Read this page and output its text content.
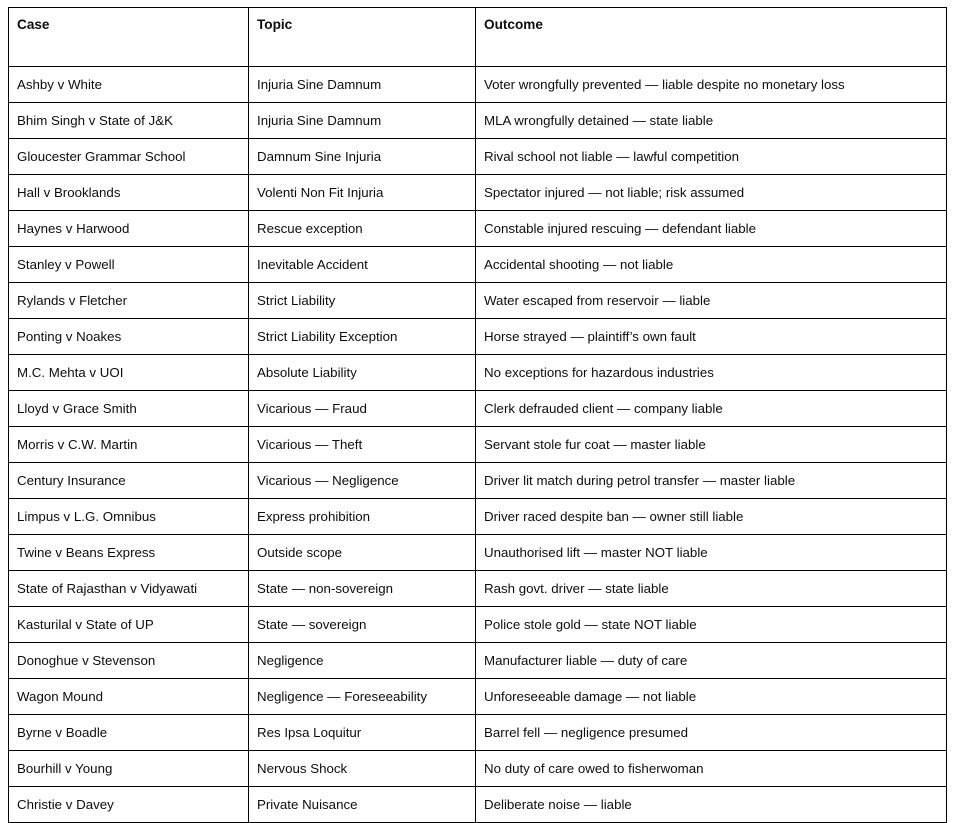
Case	Topic	Outcome
Ashby v White	Injuria Sine Damnum	Voter wrongfully prevented — liable despite no monetary loss
Bhim Singh v State of J&K	Injuria Sine Damnum	MLA wrongfully detained — state liable
Gloucester Grammar School	Damnum Sine Injuria	Rival school not liable — lawful competition
Hall v Brooklands	Volenti Non Fit Injuria	Spectator injured — not liable; risk assumed
Haynes v Harwood	Rescue exception	Constable injured rescuing — defendant liable
Stanley v Powell	Inevitable Accident	Accidental shooting — not liable
Rylands v Fletcher	Strict Liability	Water escaped from reservoir — liable
Ponting v Noakes	Strict Liability Exception	Horse strayed — plaintiff’s own fault
M.C. Mehta v UOI	Absolute Liability	No exceptions for hazardous industries
Lloyd v Grace Smith	Vicarious — Fraud	Clerk defrauded client — company liable
Morris v C.W. Martin	Vicarious — Theft	Servant stole fur coat — master liable
Century Insurance	Vicarious — Negligence	Driver lit match during petrol transfer — master liable
Limpus v L.G. Omnibus	Express prohibition	Driver raced despite ban — owner still liable
Twine v Beans Express	Outside scope	Unauthorised lift — master NOT liable
State of Rajasthan v Vidyawati	State — non-sovereign	Rash govt. driver — state liable
Kasturilal v State of UP	State — sovereign	Police stole gold — state NOT liable
Donoghue v Stevenson	Negligence	Manufacturer liable — duty of care
Wagon Mound	Negligence — Foreseeability	Unforeseeable damage — not liable
Byrne v Boadle	Res Ipsa Loquitur	Barrel fell — negligence presumed
Bourhill v Young	Nervous Shock	No duty of care owed to fisherwoman
Christie v Davey	Private Nuisance	Deliberate noise — liable
